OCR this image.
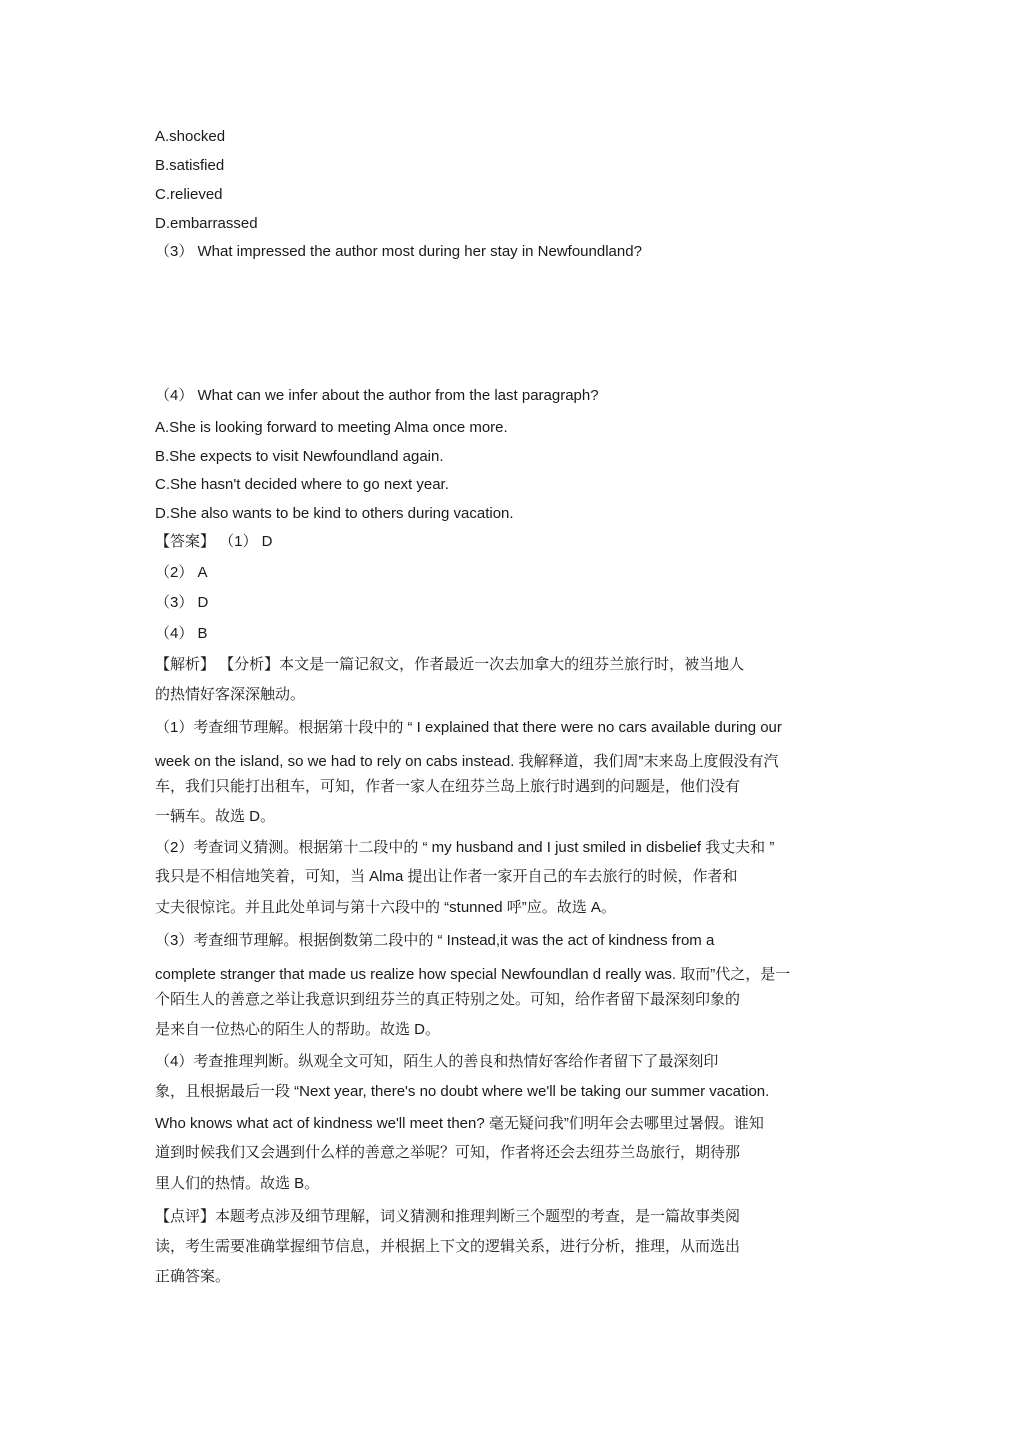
A.shocked
B.satisfied
C.relieved
D.embarrassed
（3） What impressed the author most during her stay in Newfoundland?
（4） What can we infer about the author from the last paragraph?
A.She is looking forward to meeting Alma once more.
B.She expects to visit Newfoundland again.
C.She hasn't decided where to go next year.
D.She also wants to be kind to others during vacation.
【答案】 （1） D
（2） A
（3） D
（4） B
【解析】 【分析】本文是一篇记叙文，作者最近一次去加拿大的纽芬兰旅行时，被当地人
的热情好客深深触动。
（1）考查细节理解。根据第十段中的 “ I explained that there were no cars available during our
week on the island, so we had to rely on cabs instead. 我解释道，我们周”末来岛上度假没有汽
车，我们只能打出租车，可知，作者一家人在纽芬兰岛上旅行时遇到的问题是，他们没有
一辆车。故选 D。
（2）考查词义猜测。根据第十二段中的 “ my husband and I just smiled in disbelief 我丈夫和 ”
我只是不相信地笑着，可知，当 Alma 提出让作者一家开自己的车去旅行的时候，作者和
丈夫很惊诧。并且此处单词与第十六段中的 “stunned 呼”应。故选 A。
（3）考查细节理解。根据倒数第二段中的 “ Instead,it was the act of kindness from a
complete stranger that made us realize how special Newfoundlan d really was. 取而”代之，是一
个陌生人的善意之举让我意识到纽芬兰的真正特别之处。可知，给作者留下最深刻印象的
是来自一位热心的陌生人的帮助。故选 D。
（4）考查推理判断。纵观全文可知，陌生人的善良和热情好客给作者留下了最深刻印
象，且根据最后一段 “Next year, there's no doubt where we'll be taking our summer vacation.
Who knows what act of kindness we'll meet then? 毫无疑问我”们明年会去哪里过暑假。谁知
道到时候我们又会遇到什么样的善意之举呢？可知，作者将还会去纽芬兰岛旅行，期待那
里人们的热情。故选 B。
【点评】本题考点涉及细节理解，词义猜测和推理判断三个题型的考查，是一篇故事类阅
读，考生需要准确掌握细节信息，并根据上下文的逻辑关系，进行分析，推理，从而选出
正确答案。
